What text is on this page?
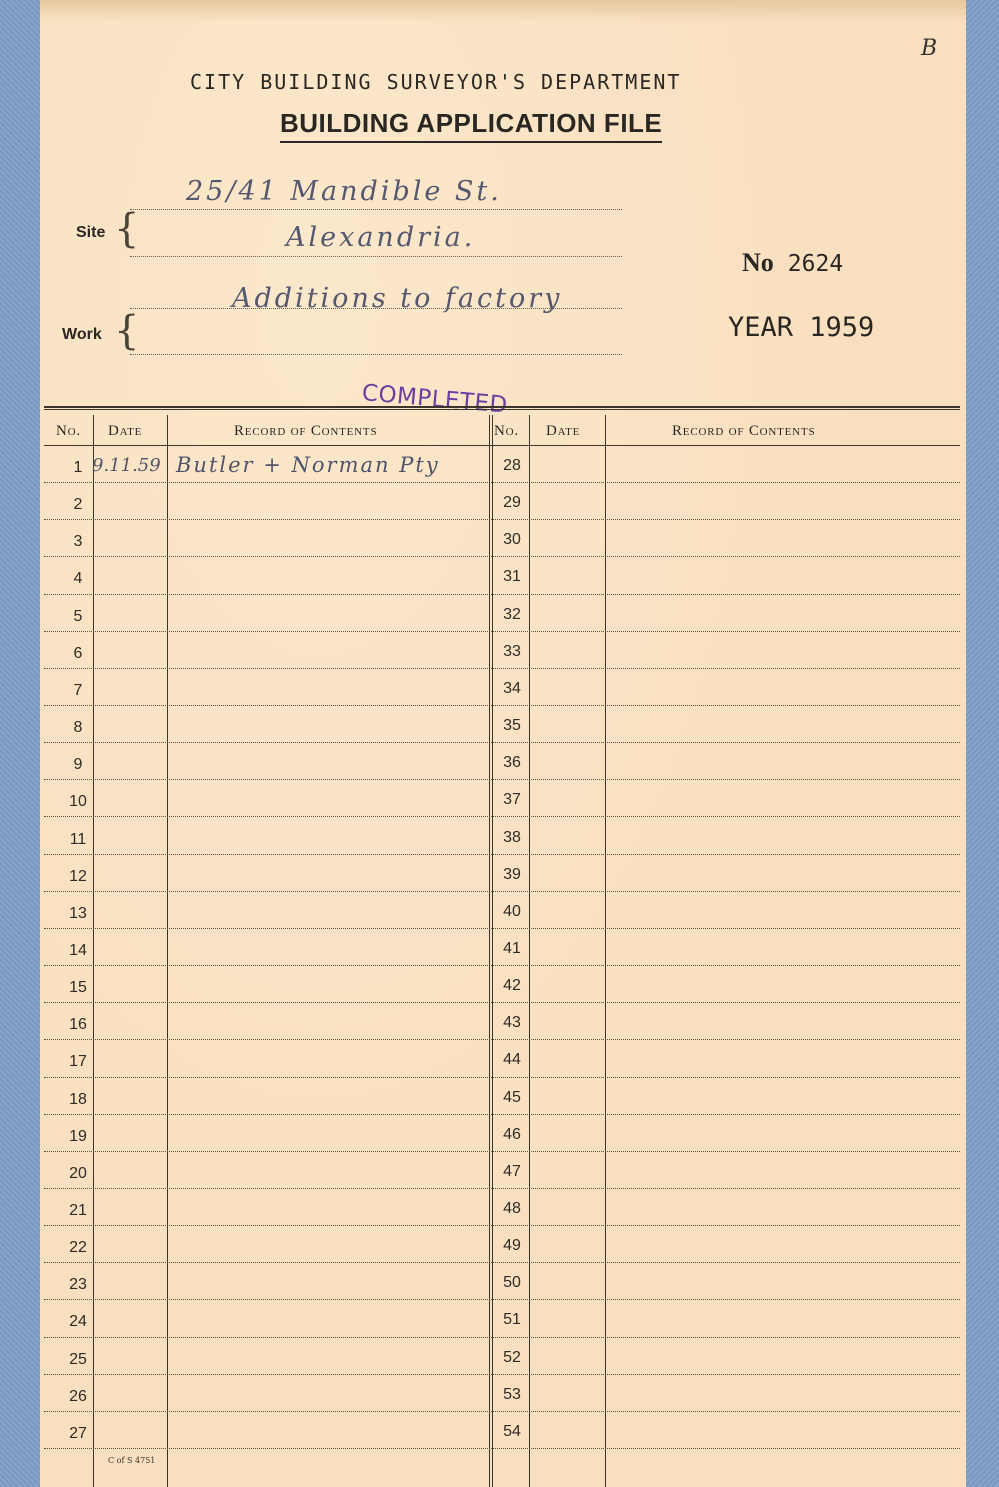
CITY BUILDING SURVEYOR'S DEPARTMENT
BUILDING APPLICATION FILE
B
Site {
25/41 Mandible St.
Alexandria.
Work {
Additions to factory
No 2624
YEAR 1959
COMPLETED
No. Date	Record of Contents	No. Date	Record of Contents
1 9.11.59 Butler + Norman Pty	28
2	29
3	30
4	31
5	32
6	33
7	34
8	35
9	36
10	37
11	38
12	39
13	40
14	41
15	42
16	43
17	44
18	45
19	46
20	47
21	48
22	49
23	50
24	51
25	52
26	53
27	54
C of S 4751
